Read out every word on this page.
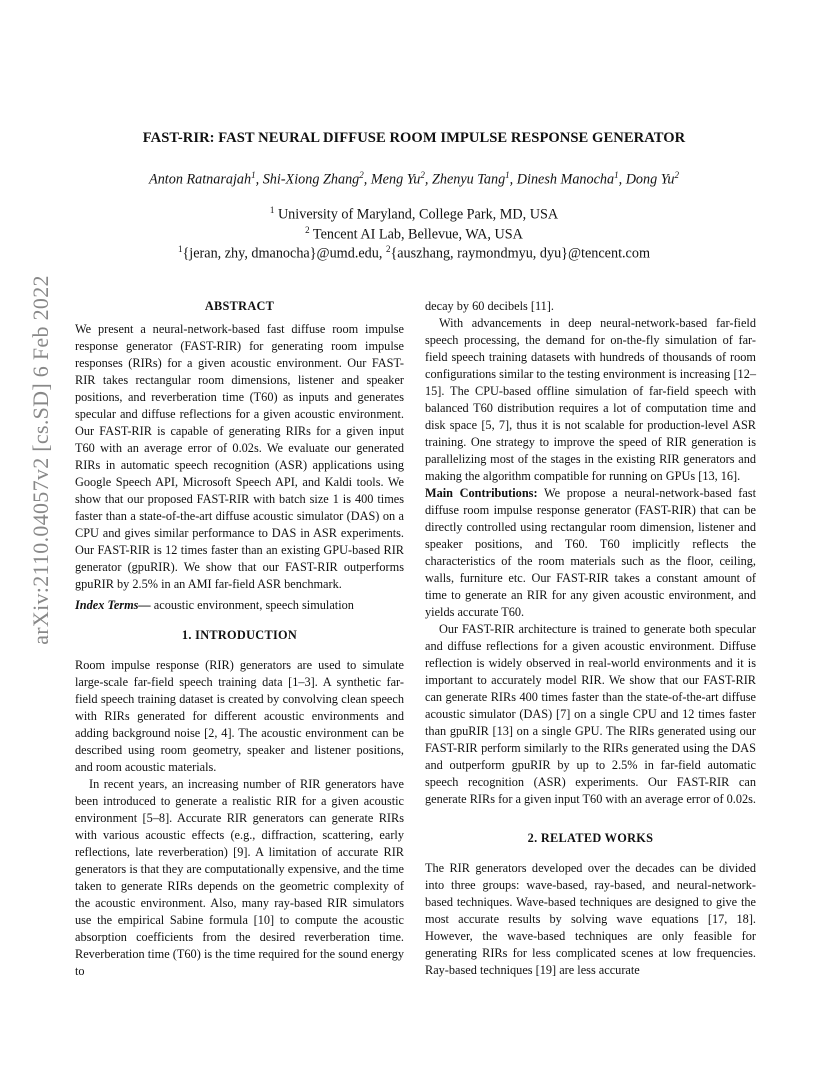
arXiv:2110.04057v2 [cs.SD] 6 Feb 2022
FAST-RIR: FAST NEURAL DIFFUSE ROOM IMPULSE RESPONSE GENERATOR
Anton Ratnarajah$^1$, Shi-Xiong Zhang$^2$, Meng Yu$^2$, Zhenyu Tang$^1$, Dinesh Manocha$^1$, Dong Yu$^2$
$^1$ University of Maryland, College Park, MD, USA
$^2$ Tencent AI Lab, Bellevue, WA, USA
$^1${jeran, zhy, dmanocha}@umd.edu, $^2${auszhang, raymondmyu, dyu}@tencent.com
ABSTRACT

We present a neural-network-based fast diffuse room impulse response generator (FAST-RIR) for generating room impulse responses (RIRs) for a given acoustic environment. Our FAST-RIR takes rectangular room dimensions, listener and speaker positions, and reverberation time (T60) as inputs and generates specular and diffuse reflections for a given acoustic environment. Our FAST-RIR is capable of generating RIRs for a given input T60 with an average error of 0.02s. We evaluate our generated RIRs in automatic speech recognition (ASR) applications using Google Speech API, Microsoft Speech API, and Kaldi tools. We show that our proposed FAST-RIR with batch size 1 is 400 times faster than a state-of-the-art diffuse acoustic simulator (DAS) on a CPU and gives similar performance to DAS in ASR experiments. Our FAST-RIR is 12 times faster than an existing GPU-based RIR generator (gpuRIR). We show that our FAST-RIR outperforms gpuRIR by 2.5% in an AMI far-field ASR benchmark.

Index Terms— acoustic environment, speech simulation

1. INTRODUCTION

Room impulse response (RIR) generators are used to simulate large-scale far-field speech training data [1–3]. A synthetic far-field speech training dataset is created by convolving clean speech with RIRs generated for different acoustic environments and adding background noise [2, 4]. The acoustic environment can be described using room geometry, speaker and listener positions, and room acoustic materials.

In recent years, an increasing number of RIR generators have been introduced to generate a realistic RIR for a given acoustic environment [5–8]. Accurate RIR generators can generate RIRs with various acoustic effects (e.g., diffraction, scattering, early reflections, late reverberation) [9]. A limitation of accurate RIR generators is that they are computationally expensive, and the time taken to generate RIRs depends on the geometric complexity of the acoustic environment. Also, many ray-based RIR simulators use the empirical Sabine formula [10] to compute the acoustic absorption coefficients from the desired reverberation time. Reverberation time (T60) is the time required for the sound energy to

decay by 60 decibels [11].

With advancements in deep neural-network-based far-field speech processing, the demand for on-the-fly simulation of far-field speech training datasets with hundreds of thousands of room configurations similar to the testing environment is increasing [12–15]. The CPU-based offline simulation of far-field speech with balanced T60 distribution requires a lot of computation time and disk space [5, 7], thus it is not scalable for production-level ASR training. One strategy to improve the speed of RIR generation is parallelizing most of the stages in the existing RIR generators and making the algorithm compatible for running on GPUs [13, 16].

Main Contributions: We propose a neural-network-based fast diffuse room impulse response generator (FAST-RIR) that can be directly controlled using rectangular room dimension, listener and speaker positions, and T60. T60 implicitly reflects the characteristics of the room materials such as the floor, ceiling, walls, furniture etc. Our FAST-RIR takes a constant amount of time to generate an RIR for any given acoustic environment, and yields accurate T60.

Our FAST-RIR architecture is trained to generate both specular and diffuse reflections for a given acoustic environment. Diffuse reflection is widely observed in real-world environments and it is important to accurately model RIR. We show that our FAST-RIR can generate RIRs 400 times faster than the state-of-the-art diffuse acoustic simulator (DAS) [7] on a single CPU and 12 times faster than gpuRIR [13] on a single GPU. The RIRs generated using our FAST-RIR perform similarly to the RIRs generated using the DAS and outperform gpuRIR by up to 2.5% in far-field automatic speech recognition (ASR) experiments. Our FAST-RIR can generate RIRs for a given input T60 with an average error of 0.02s.

2. RELATED WORKS

The RIR generators developed over the decades can be divided into three groups: wave-based, ray-based, and neural-network-based techniques. Wave-based techniques are designed to give the most accurate results by solving wave equations [17, 18]. However, the wave-based techniques are only feasible for generating RIRs for less complicated scenes at low frequencies. Ray-based techniques [19] are less accurate
